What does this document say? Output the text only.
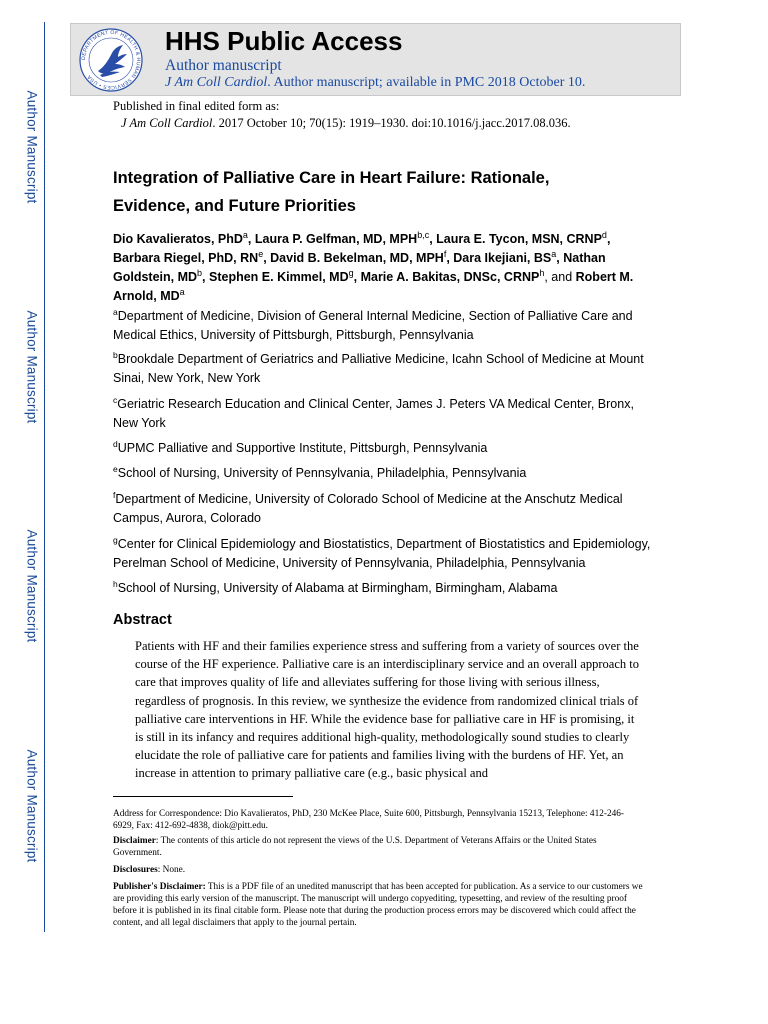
Author Manuscript
Author Manuscript
Author Manuscript
Author Manuscript
DEPARTMENT OF HEALTH & HUMAN SERVICES • USA
HHS Public Access
Author manuscript
J Am Coll Cardiol. Author manuscript; available in PMC 2018 October 10.
Published in final edited form as:
J Am Coll Cardiol. 2017 October 10; 70(15): 1919–1930. doi:10.1016/j.jacc.2017.08.036.
Integration of Palliative Care in Heart Failure: Rationale,
Evidence, and Future Priorities
Dio Kavalieratos, PhD$^a$, Laura P. Gelfman, MD, MPH$^{b,c}$, Laura E. Tycon, MSN, CRNP$^d$, Barbara Riegel, PhD, $RN^e$, David B. Bekelman, MD, MPH$^f$, Dara Ikejiani, $BS^a$, Nathan Goldstein, $MD^b$, Stephen E. Kimmel, $MD^g$, Marie A. Bakitas, DNSc, CRNP$^h$, and Robert M. Arnold, $MD^a$
$^a$Department of Medicine, Division of General Internal Medicine, Section of Palliative Care and Medical Ethics, University of Pittsburgh, Pittsburgh, Pennsylvania
$^b$Brookdale Department of Geriatrics and Palliative Medicine, Icahn School of Medicine at Mount Sinai, New York, New York
$^c$Geriatric Research Education and Clinical Center, James J. Peters VA Medical Center, Bronx, New York
$^d$UPMC Palliative and Supportive Institute, Pittsburgh, Pennsylvania
$^e$School of Nursing, University of Pennsylvania, Philadelphia, Pennsylvania
$^f$Department of Medicine, University of Colorado School of Medicine at the Anschutz Medical Campus, Aurora, Colorado
$^g$Center for Clinical Epidemiology and Biostatistics, Department of Biostatistics and Epidemiology, Perelman School of Medicine, University of Pennsylvania, Philadelphia, Pennsylvania
$^h$School of Nursing, University of Alabama at Birmingham, Birmingham, Alabama
Abstract
Patients with HF and their families experience stress and suffering from a variety of sources over the course of the HF experience. Palliative care is an interdisciplinary service and an overall approach to care that improves quality of life and alleviates suffering for those living with serious illness, regardless of prognosis. In this review, we synthesize the evidence from randomized clinical trials of palliative care interventions in HF. While the evidence base for palliative care in HF is promising, it is still in its infancy and requires additional high-quality, methodologically sound studies to clearly elucidate the role of palliative care for patients and families living with the burdens of HF. Yet, an increase in attention to primary palliative care (e.g., basic physical and
Address for Correspondence: Dio Kavalieratos, PhD, 230 McKee Place, Suite 600, Pittsburgh, Pennsylvania 15213, Telephone: 412-246-6929, Fax: 412-692-4838, diok@pitt.edu.
Disclaimer: The contents of this article do not represent the views of the U.S. Department of Veterans Affairs or the United States Government.
Disclosures: None.
Publisher's Disclaimer: This is a PDF file of an unedited manuscript that has been accepted for publication. As a service to our customers we are providing this early version of the manuscript. The manuscript will undergo copyediting, typesetting, and review of the resulting proof before it is published in its final citable form. Please note that during the production process errors may be discovered which could affect the content, and all legal disclaimers that apply to the journal pertain.
